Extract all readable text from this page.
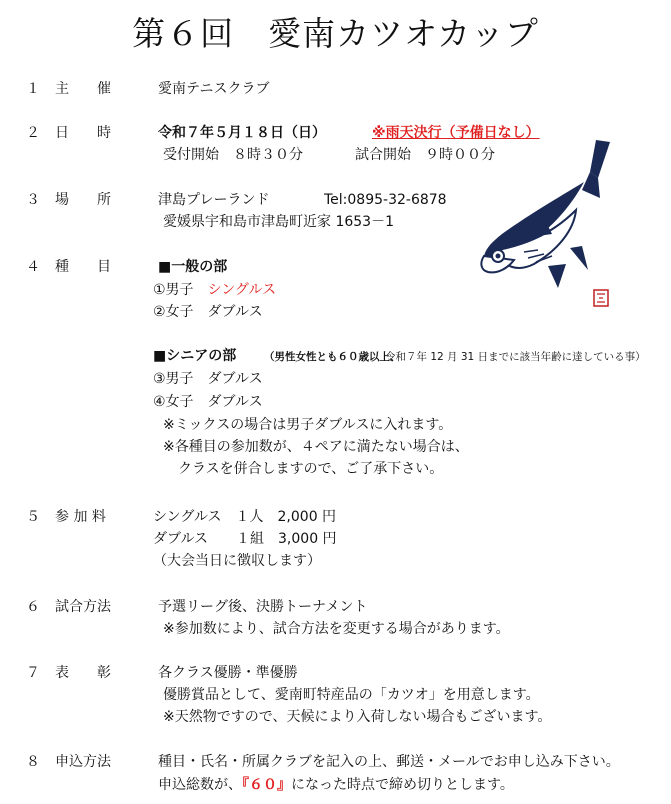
第６回　愛南カツオカップ
１ 主　　催	愛南テニスクラブ
２ 日　　時	令和７年５月１８日（日）	※雨天決行（予備日なし）
受付開始　８時３０分	試合開始　９時００分
３ 場　　所	津島プレーランド	Tel:0895-32-6878
愛媛県宇和島市津島町近家 1653－1
４ 種　　目	■一般の部
①男子　 シングルス
②女子　ダブルス
■シニアの部	（男性女性とも６０歳以上、
令和７年 12 月 31 日までに該当年齢に達している事）
③男子　ダブルス
④女子　ダブルス
※ミックスの場合は男子ダブルスに入れます。
※各種目の参加数が、４ペアに満たない場合は、
クラスを併合しますので、ご了承下さい。
５ 参 加 料	シングルス　１人　2,000 円
ダブルス　　１組　3,000 円
（大会当日に徴収します）
６ 試合方法	予選リーグ後、決勝トーナメント
※参加数により、試合方法を変更する場合があります。
７ 表　　彰	各クラス優勝・準優勝
優勝賞品として、愛南町特産品の「カツオ」を用意します。
※天然物ですので、天候により入荷しない場合もございます。
８ 申込方法	種目・氏名・所属クラブを記入の上、郵送・メールでお申し込み下さい。
申込総数が、『６０』になった時点で締め切りとします。
